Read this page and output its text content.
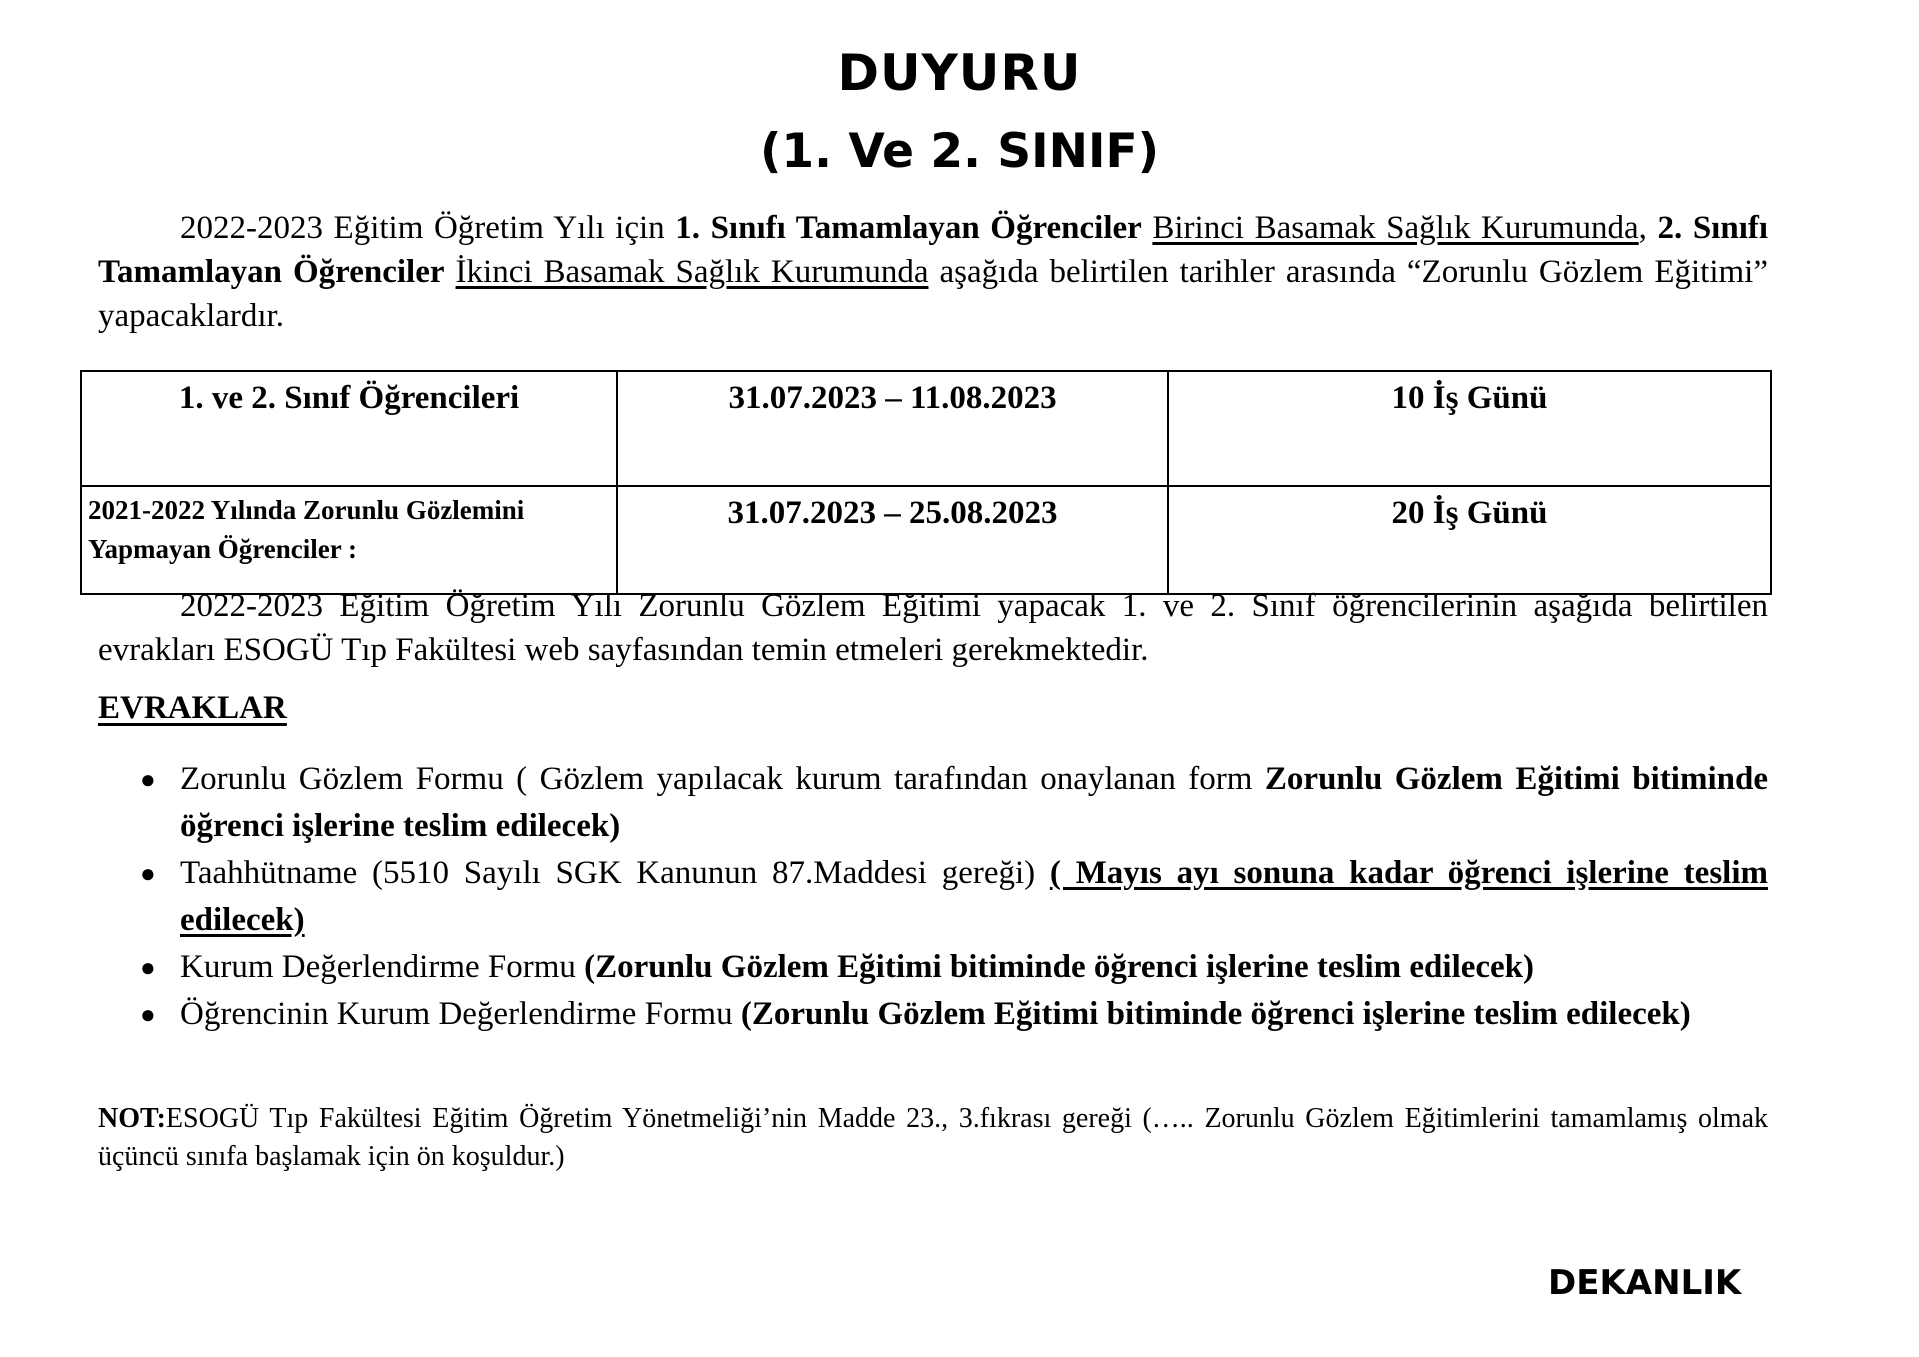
DUYURU
(1. Ve 2. SINIF)
2022-2023 Eğitim Öğretim Yılı için 1. Sınıfı Tamamlayan Öğrenciler Birinci Basamak Sağlık Kurumunda, 2. Sınıfı Tamamlayan Öğrenciler İkinci Basamak Sağlık Kurumunda aşağıda belirtilen tarihler arasında “Zorunlu Gözlem Eğitimi” yapacaklardır.
1. ve 2. Sınıf Öğrencileri	31.07.2023 – 11.08.2023	10 İş Günü
2021-2022 Yılında Zorunlu Gözlemini Yapmayan Öğrenciler :	31.07.2023 – 25.08.2023	20 İş Günü
2022-2023 Eğitim Öğretim Yılı Zorunlu Gözlem Eğitimi yapacak 1. ve 2. Sınıf öğrencilerinin aşağıda belirtilen evrakları ESOGÜ Tıp Fakültesi web sayfasından temin etmeleri gerekmektedir.
EVRAKLAR
● Zorunlu Gözlem Formu ( Gözlem yapılacak kurum tarafından onaylanan form Zorunlu Gözlem Eğitimi bitiminde öğrenci işlerine teslim edilecek)
● Taahhütname (5510 Sayılı SGK Kanunun 87.Maddesi gereği) ( Mayıs ayı sonuna kadar öğrenci işlerine teslim edilecek)
● Kurum Değerlendirme Formu (Zorunlu Gözlem Eğitimi bitiminde öğrenci işlerine teslim edilecek)
● Öğrencinin Kurum Değerlendirme Formu (Zorunlu Gözlem Eğitimi bitiminde öğrenci işlerine teslim edilecek)
NOT:ESOGÜ Tıp Fakültesi Eğitim Öğretim Yönetmeliği’nin Madde 23., 3.fıkrası gereği (….. Zorunlu Gözlem Eğitimlerini tamamlamış olmak üçüncü sınıfa başlamak için ön koşuldur.)
DEKANLIK
